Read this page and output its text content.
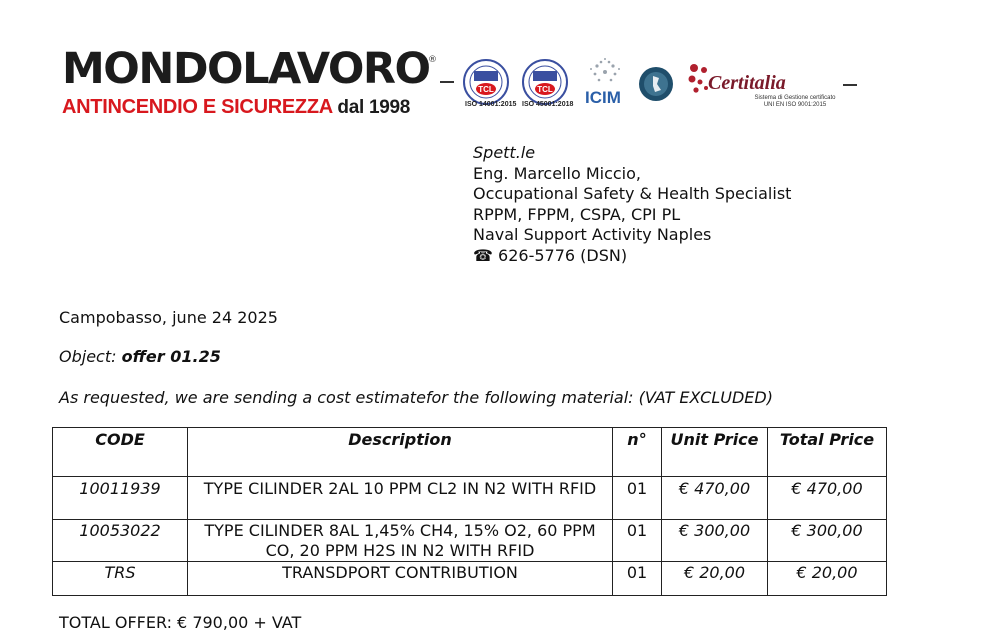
MONDOLAVORO
®
ANTINCENDIO E SICUREZZA dal 1998
TCL
ISO 14001:2015
TCL
ISO 45001:2018 ICIM
Certitalia
Sistema di Gestione certificato
UNI EN ISO 9001:2015
Spett.le
Eng. Marcello Miccio,
Occupational Safety & Health Specialist
RPPM, FPPM, CSPA, CPI PL
Naval Support Activity Naples
☎ 626-5776 (DSN)
Campobasso, june 24 2025
Object: offer 01.25
As requested, we are sending a cost estimatefor the following material: (VAT EXCLUDED)
CODE	Description	n°	Unit Price	Total Price
10011939	TYPE CILINDER 2AL 10 PPM CL2 IN N2 WITH RFID	01	€ 470,00	€ 470,00
10053022	TYPE CILINDER 8AL 1,45% CH4, 15% O2, 60 PPM CO, 20 PPM H2S IN N2 WITH RFID	01	€ 300,00	€ 300,00
TRS	TRANSDPORT CONTRIBUTION	01	€ 20,00	€ 20,00
TOTAL OFFER: € 790,00 + VAT
